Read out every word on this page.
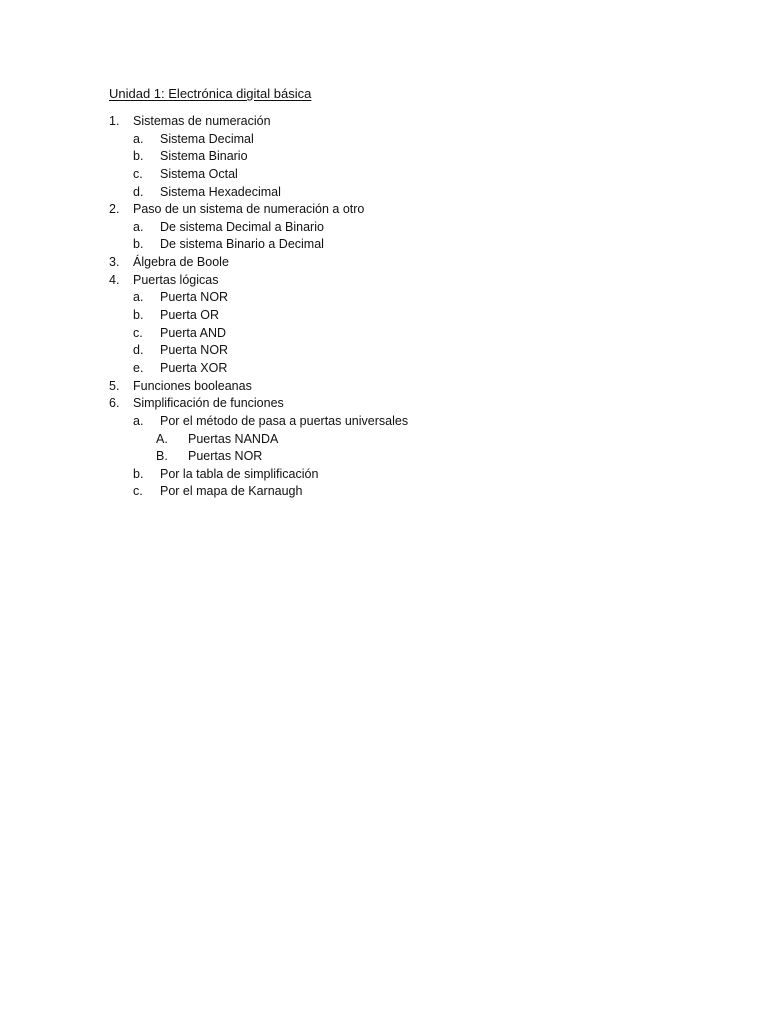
Unidad 1: Electrónica digital básica
1. Sistemas de numeración
a. Sistema Decimal
b. Sistema Binario
c. Sistema Octal
d. Sistema Hexadecimal
2. Paso de un sistema de numeración a otro
a. De sistema Decimal a Binario
b. De sistema Binario a Decimal
3. Álgebra de Boole
4. Puertas lógicas
a. Puerta NOR
b. Puerta OR
c. Puerta AND
d. Puerta NOR
e. Puerta XOR
5. Funciones booleanas
6. Simplificación de funciones
a. Por el método de pasa a puertas universales
A. Puertas NANDA
B. Puertas NOR
b. Por la tabla de simplificación
c. Por el mapa de Karnaugh
